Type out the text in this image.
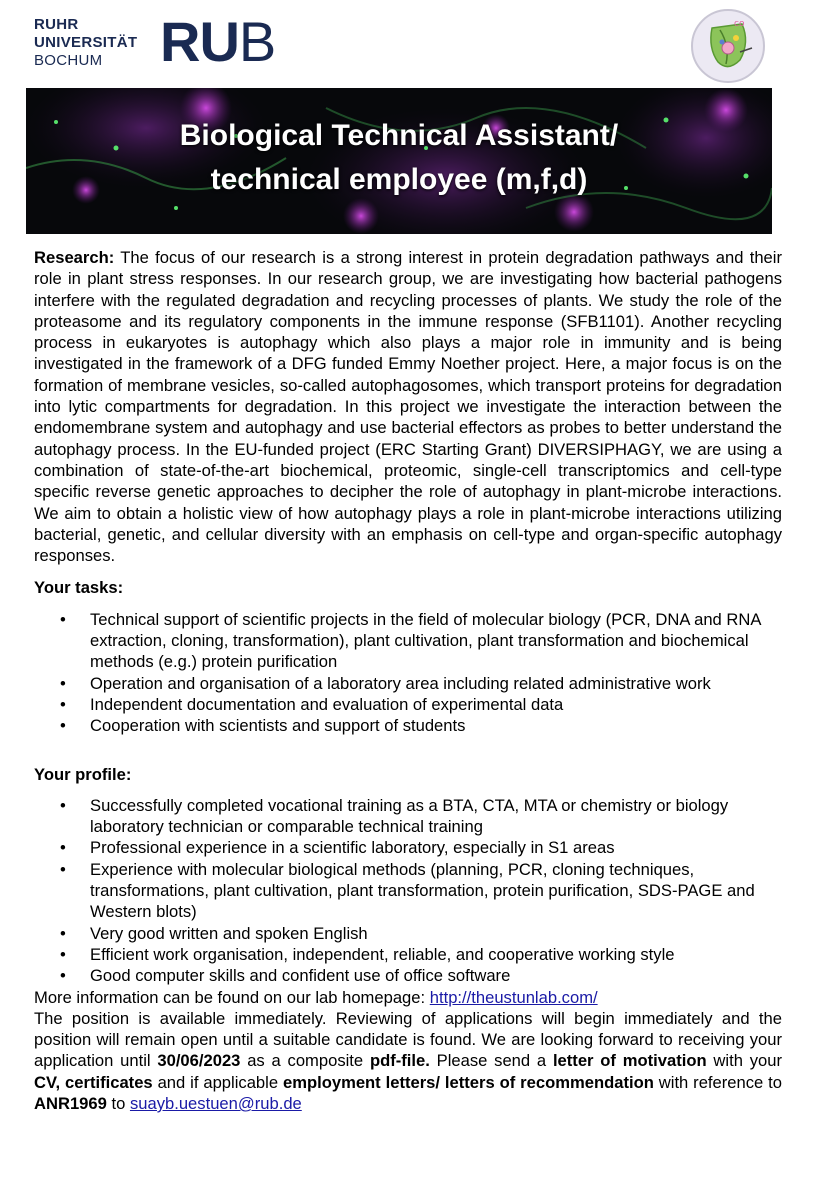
RUHR
UNIVERSITÄT
BOCHUM	RUB	co
Biological Technical Assistant/
technical employee (m,f,d)

Research: The focus of our research is a strong interest in protein degradation pathways and their role in plant stress responses. In our research group, we are investigating how bacterial pathogens interfere with the regulated degradation and recycling processes of plants. We study the role of the proteasome and its regulatory components in the immune response (SFB1101). Another recycling process in eukaryotes is autophagy which also plays a major role in immunity and is being investigated in the framework of a DFG funded Emmy Noether project. Here, a major focus is on the formation of membrane vesicles, so-called autophagosomes, which transport proteins for degradation into lytic compartments for degradation. In this project we investigate the interaction between the endomembrane system and autophagy and use bacterial effectors as probes to better understand the autophagy process. In the EU-funded project (ERC Starting Grant) DIVERSIPHAGY, we are using a combination of state-of-the-art biochemical, proteomic, single-cell transcriptomics and cell-type specific reverse genetic approaches to decipher the role of autophagy in plant-microbe interactions. We aim to obtain a holistic view of how autophagy plays a role in plant-microbe interactions utilizing bacterial, genetic, and cellular diversity with an emphasis on cell-type and organ-specific autophagy responses.

Your tasks:
• Technical support of scientific projects in the field of molecular biology (PCR, DNA and RNA extraction, cloning, transformation), plant cultivation, plant transformation and biochemical methods (e.g.) protein purification
• Operation and organisation of a laboratory area including related administrative work
• Independent documentation and evaluation of experimental data
• Cooperation with scientists and support of students
Your profile:
• Successfully completed vocational training as a BTA, CTA, MTA or chemistry or biology laboratory technician or comparable technical training
• Professional experience in a scientific laboratory, especially in S1 areas
• Experience with molecular biological methods (planning, PCR, cloning techniques, transformations, plant cultivation, plant transformation, protein purification, SDS-PAGE and Western blots)
• Very good written and spoken English
• Efficient work organisation, independent, reliable, and cooperative working style
• Good computer skills and confident use of office software

More information can be found on our lab homepage: http://theustunlab.com/

The position is available immediately. Reviewing of applications will begin immediately and the position will remain open until a suitable candidate is found. We are looking forward to receiving your application until 30/06/2023 as a composite pdf-file. Please send a letter of motivation with your CV, certificates and if applicable employment letters/ letters of recommendation with reference to ANR1969 to suayb.uestuen@rub.de
